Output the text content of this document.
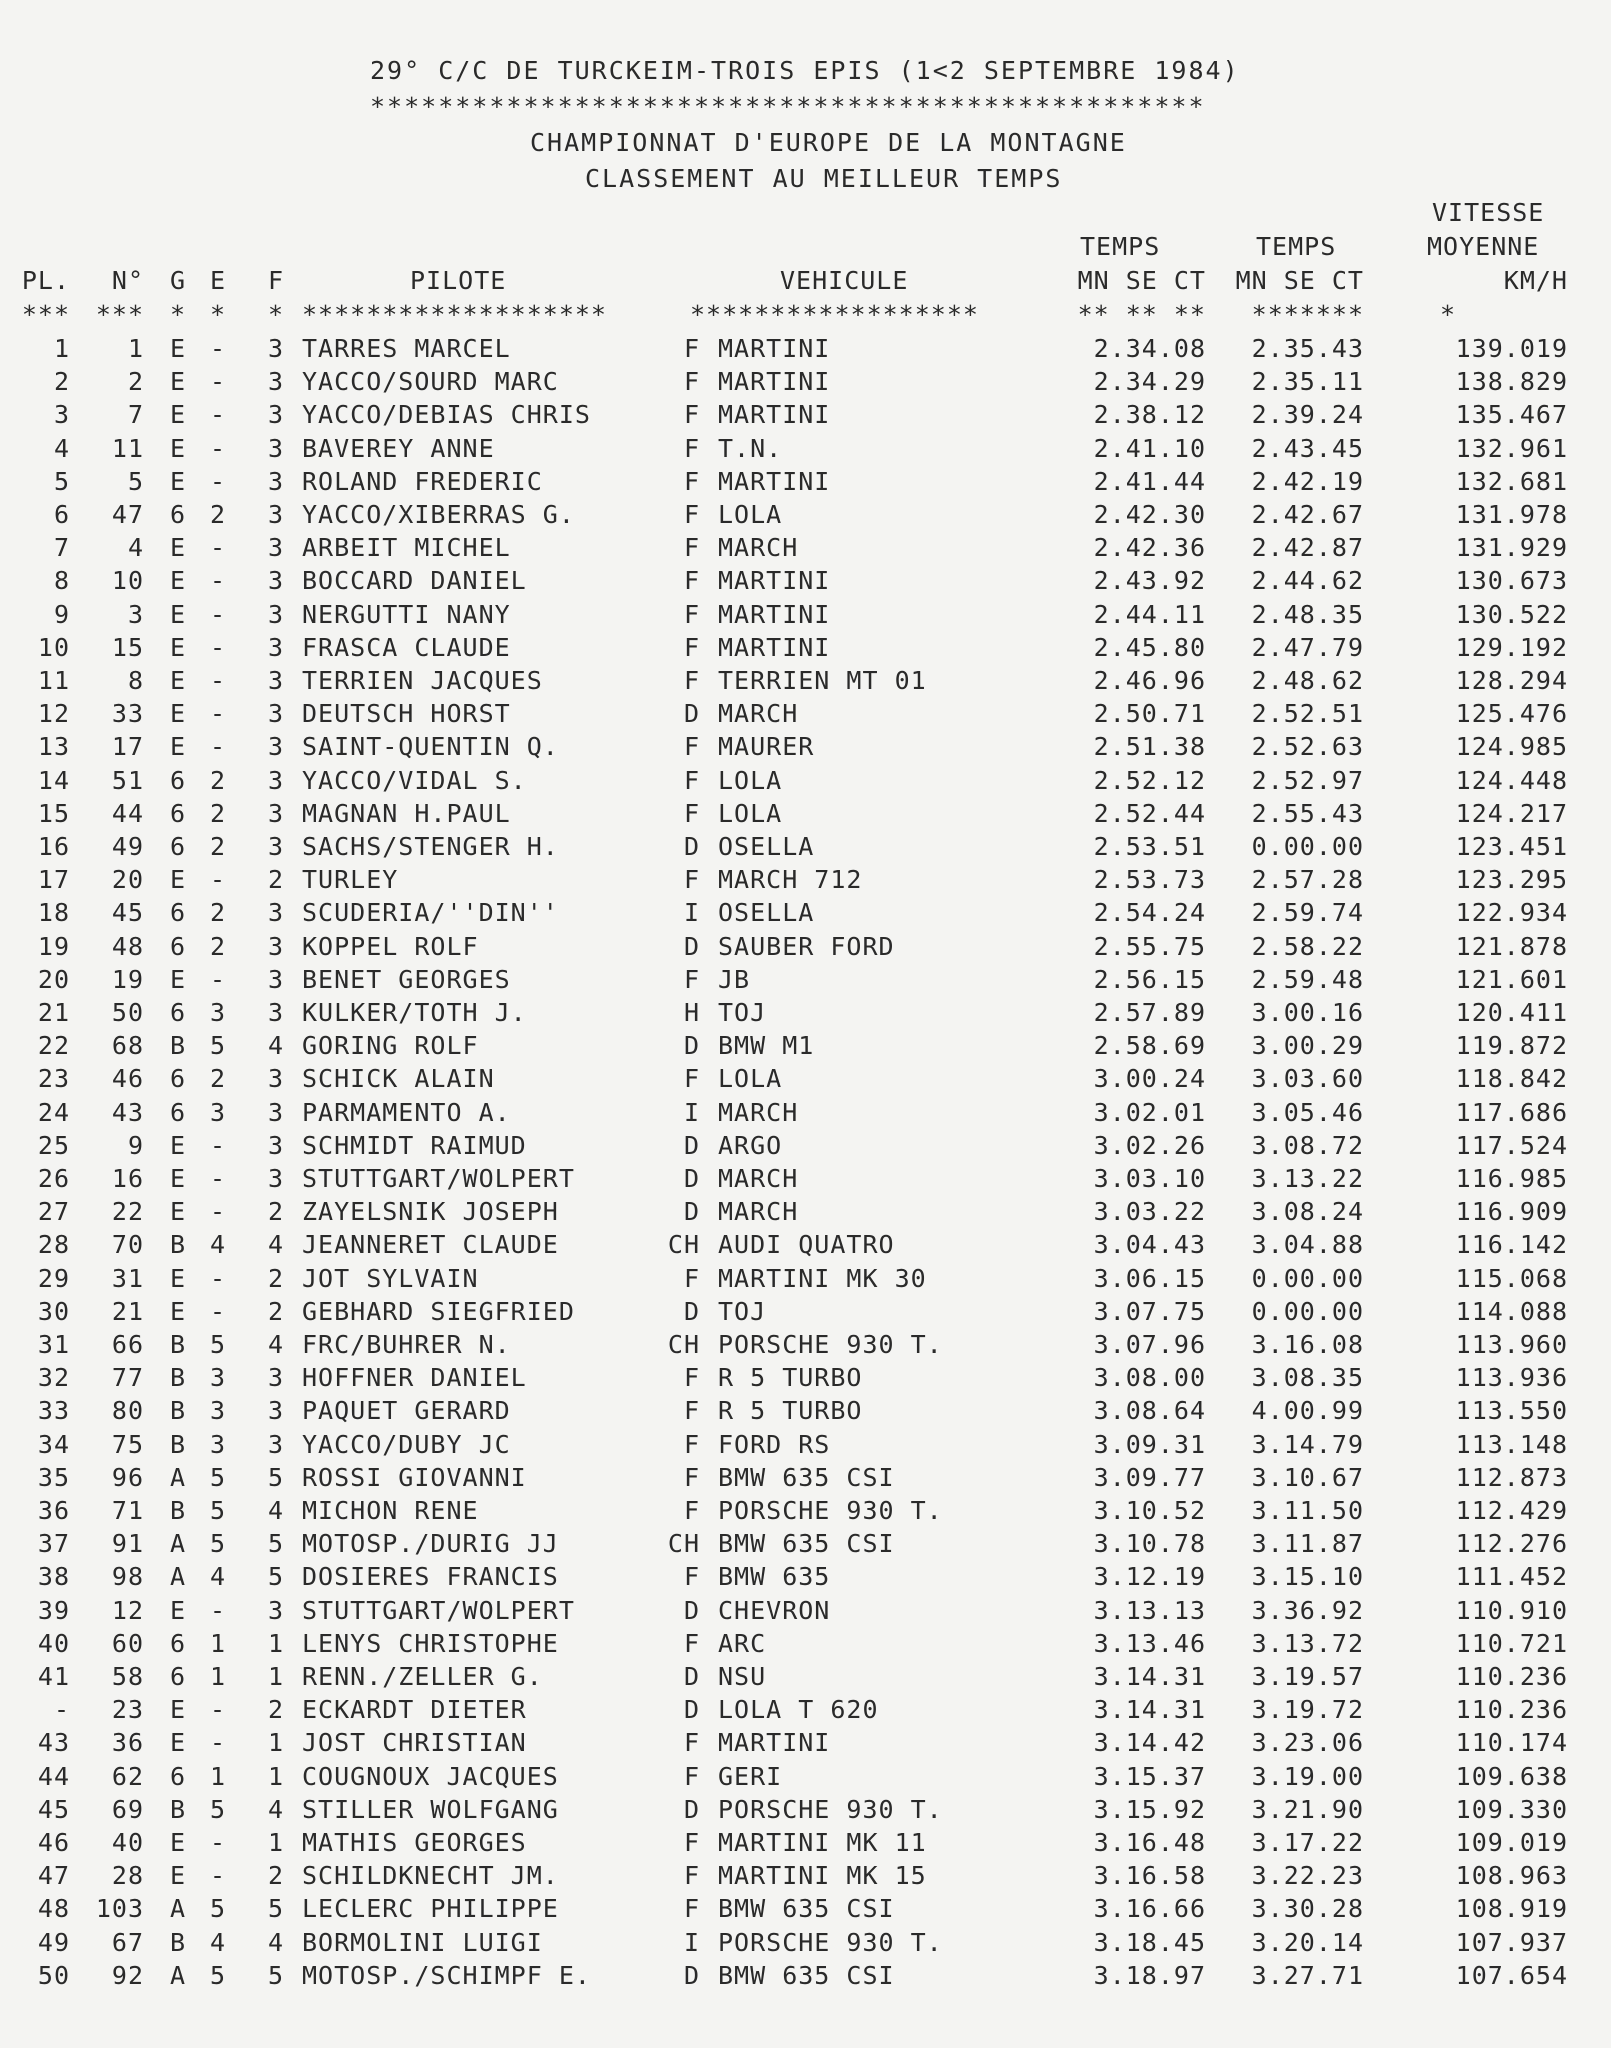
29° C/C DE TURCKEIM-TROIS EPIS (1<2 SEPTEMBRE 1984)
*************************************************
CHAMPIONNAT D'EUROPE DE LA MONTAGNE
CLASSEMENT AU MEILLEUR TEMPS
VITESSE
TEMPS	TEMPS	MOYENNE
PL.	N° G E F	PILOTE	VEHICULE	MN SE CT	MN SE CT	KM/H
***	*** * * * *******************	******************	** ** **	*******	*
1	1 E - 3 TARRES MARCEL	F MARTINI	2.34.08	2.35.43	139.019
2	2 E - 3 YACCO/SOURD MARC	F MARTINI	2.34.29	2.35.11	138.829
3	7 E - 3 YACCO/DEBIAS CHRIS	F MARTINI	2.38.12	2.39.24	135.467
4	11 E - 3 BAVEREY ANNE	F T.N.	2.41.10	2.43.45	132.961
5	5 E - 3 ROLAND FREDERIC	F MARTINI	2.41.44	2.42.19	132.681
6	47 6 2 3 YACCO/XIBERRAS G.	F LOLA	2.42.30	2.42.67	131.978
7	4 E - 3 ARBEIT MICHEL	F MARCH	2.42.36	2.42.87	131.929
8	10 E - 3 BOCCARD DANIEL	F MARTINI	2.43.92	2.44.62	130.673
9	3 E - 3 NERGUTTI NANY	F MARTINI	2.44.11	2.48.35	130.522
10	15 E - 3 FRASCA CLAUDE	F MARTINI	2.45.80	2.47.79	129.192
11	8 E - 3 TERRIEN JACQUES	F TERRIEN MT 01	2.46.96	2.48.62	128.294
12	33 E - 3 DEUTSCH HORST	D MARCH	2.50.71	2.52.51	125.476
13	17 E - 3 SAINT-QUENTIN Q.	F MAURER	2.51.38	2.52.63	124.985
14	51 6 2 3 YACCO/VIDAL S.	F LOLA	2.52.12	2.52.97	124.448
15	44 6 2 3 MAGNAN H.PAUL	F LOLA	2.52.44	2.55.43	124.217
16	49 6 2 3 SACHS/STENGER H.	D OSELLA	2.53.51	0.00.00	123.451
17	20 E - 2 TURLEY	F MARCH 712	2.53.73	2.57.28	123.295
18	45 6 2 3 SCUDERIA/''DIN''	I OSELLA	2.54.24	2.59.74	122.934
19	48 6 2 3 KOPPEL ROLF	D SAUBER FORD	2.55.75	2.58.22	121.878
20	19 E - 3 BENET GEORGES	F JB	2.56.15	2.59.48	121.601
21	50 6 3 3 KULKER/TOTH J.	H TOJ	2.57.89	3.00.16	120.411
22	68 B 5 4 GORING ROLF	D BMW M1	2.58.69	3.00.29	119.872
23	46 6 2 3 SCHICK ALAIN	F LOLA	3.00.24	3.03.60	118.842
24	43 6 3 3 PARMAMENTO A.	I MARCH	3.02.01	3.05.46	117.686
25	9 E - 3 SCHMIDT RAIMUD	D ARGO	3.02.26	3.08.72	117.524
26	16 E - 3 STUTTGART/WOLPERT	D MARCH	3.03.10	3.13.22	116.985
27	22 E - 2 ZAYELSNIK JOSEPH	D MARCH	3.03.22	3.08.24	116.909
28	70 B 4 4 JEANNERET CLAUDE	CH AUDI QUATRO	3.04.43	3.04.88	116.142
29	31 E - 2 JOT SYLVAIN	F MARTINI MK 30	3.06.15	0.00.00	115.068
30	21 E - 2 GEBHARD SIEGFRIED	D TOJ	3.07.75	0.00.00	114.088
31	66 B 5 4 FRC/BUHRER N.	CH PORSCHE 930 T.	3.07.96	3.16.08	113.960
32	77 B 3 3 HOFFNER DANIEL	F R 5 TURBO	3.08.00	3.08.35	113.936
33	80 B 3 3 PAQUET GERARD	F R 5 TURBO	3.08.64	4.00.99	113.550
34	75 B 3 3 YACCO/DUBY JC	F FORD RS	3.09.31	3.14.79	113.148
35	96 A 5 5 ROSSI GIOVANNI	F BMW 635 CSI	3.09.77	3.10.67	112.873
36	71 B 5 4 MICHON RENE	F PORSCHE 930 T.	3.10.52	3.11.50	112.429
37	91 A 5 5 MOTOSP./DURIG JJ	CH BMW 635 CSI	3.10.78	3.11.87	112.276
38	98 A 4 5 DOSIERES FRANCIS	F BMW 635	3.12.19	3.15.10	111.452
39	12 E - 3 STUTTGART/WOLPERT	D CHEVRON	3.13.13	3.36.92	110.910
40	60 6 1 1 LENYS CHRISTOPHE	F ARC	3.13.46	3.13.72	110.721
41	58 6 1 1 RENN./ZELLER G.	D NSU	3.14.31	3.19.57	110.236
-	23 E - 2 ECKARDT DIETER	D LOLA T 620	3.14.31	3.19.72	110.236
43	36 E - 1 JOST CHRISTIAN	F MARTINI	3.14.42	3.23.06	110.174
44	62 6 1 1 COUGNOUX JACQUES	F GERI	3.15.37	3.19.00	109.638
45	69 B 5 4 STILLER WOLFGANG	D PORSCHE 930 T.	3.15.92	3.21.90	109.330
46	40 E - 1 MATHIS GEORGES	F MARTINI MK 11	3.16.48	3.17.22	109.019
47	28 E - 2 SCHILDKNECHT JM.	F MARTINI MK 15	3.16.58	3.22.23	108.963
48	103 A 5 5 LECLERC PHILIPPE	F BMW 635 CSI	3.16.66	3.30.28	108.919
49	67 B 4 4 BORMOLINI LUIGI	I PORSCHE 930 T.	3.18.45	3.20.14	107.937
50	92 A 5 5 MOTOSP./SCHIMPF E.	D BMW 635 CSI	3.18.97	3.27.71	107.654
